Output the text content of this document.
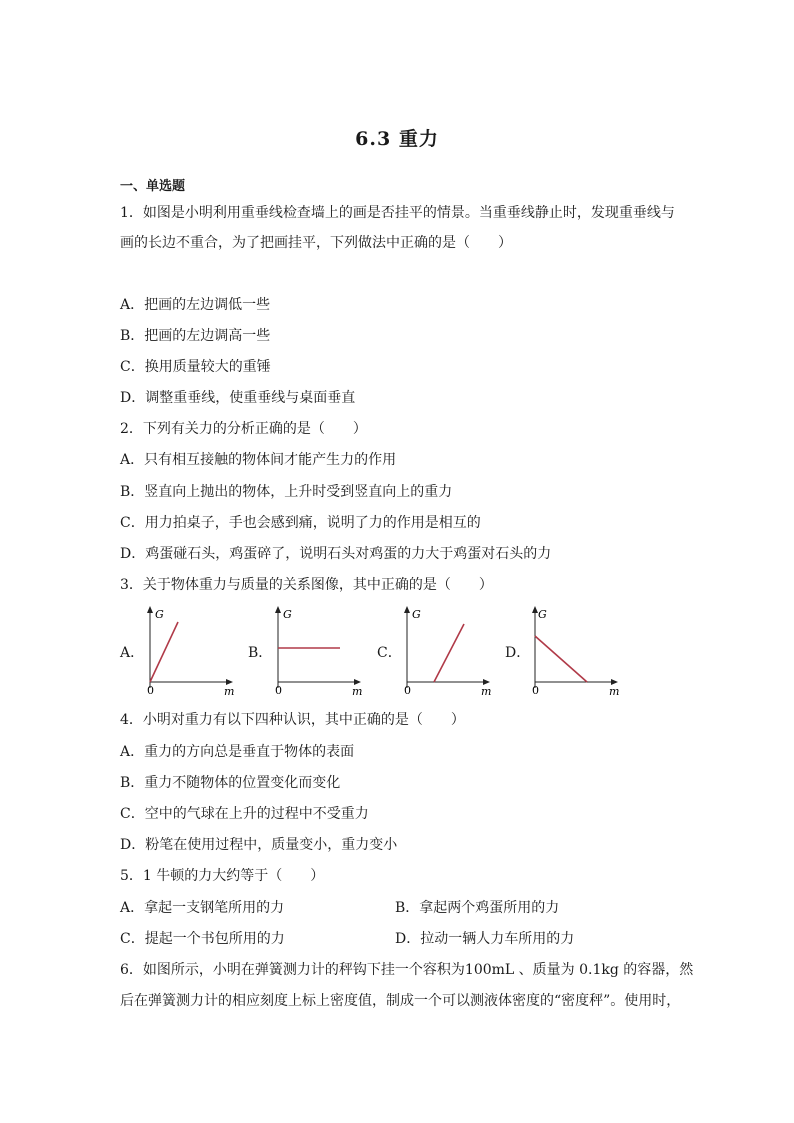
6.3 重力
一、单选题
1．如图是小明利用重垂线检查墙上的画是否挂平的情景。当重垂线静止时，发现重垂线与
画的长边不重合，为了把画挂平，下列做法中正确的是（　　）
A．把画的左边调低一些
B．把画的左边调高一些
C．换用质量较大的重锤
D．调整重垂线，使重垂线与桌面垂直
2．下列有关力的分析正确的是（　　）
A．只有相互接触的物体间才能产生力的作用
B．竖直向上抛出的物体，上升时受到竖直向上的重力
C．用力拍桌子，手也会感到痛，说明了力的作用是相互的
D．鸡蛋碰石头，鸡蛋碎了，说明石头对鸡蛋的力大于鸡蛋对石头的力
3．关于物体重力与质量的关系图像，其中正确的是（　　）
A．
G
0	m
B．
G
0	m
C．
G
0	m
D．
G
0	m
4．小明对重力有以下四种认识，其中正确的是（　　）
A．重力的方向总是垂直于物体的表面
B．重力不随物体的位置变化而变化
C．空中的气球在上升的过程中不受重力
D．粉笔在使用过程中，质量变小，重力变小
5．1 牛顿的力大约等于（　　）
A．拿起一支钢笔所用的力	B．拿起两个鸡蛋所用的力
C．提起一个书包所用的力	D．拉动一辆人力车所用的力
6．如图所示，小明在弹簧测力计的秤钩下挂一个容积为100mL 、质量为 0.1kg 的容器，然
后在弹簧测力计的相应刻度上标上密度值，制成一个可以测液体密度的“密度秤”。使用时，
